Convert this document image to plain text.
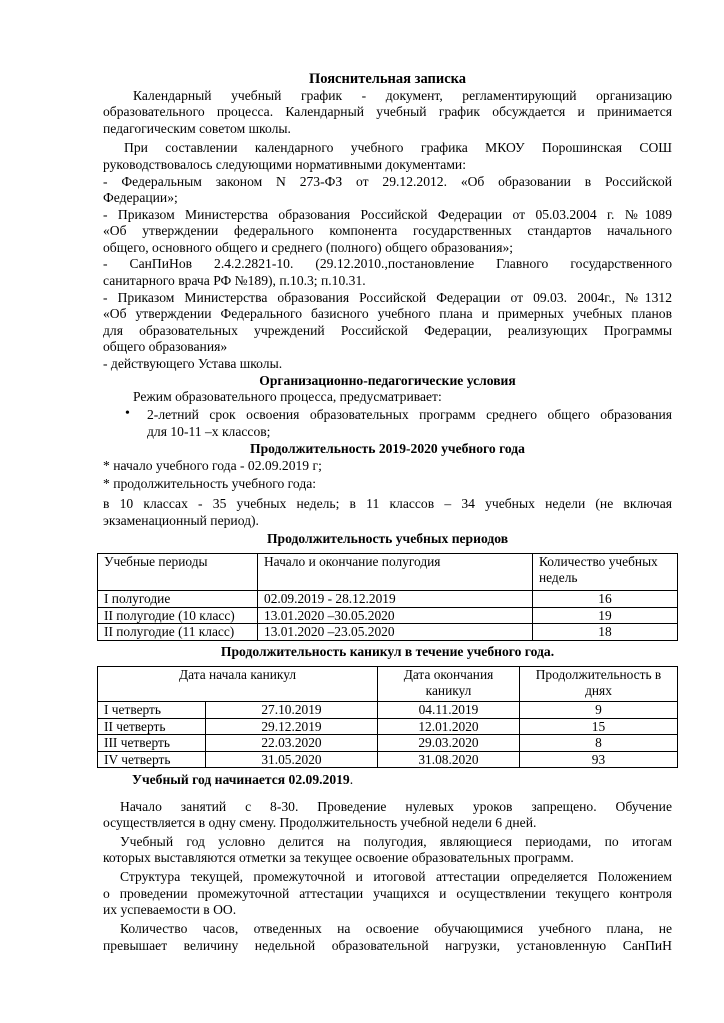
Пояснительная записка
Календарный учебный график - документ, регламентирующий организацию
образовательного процесса. Календарный учебный график обсуждается и принимается
педагогическим советом школы.
При составлении календарного учебного графика МКОУ Порошинская СОШ
руководствовалось следующими нормативными документами:
- Федеральным законом N 273-ФЗ от 29.12.2012. «Об образовании в Российской
Федерации»;
- Приказом Министерства образования Российской Федерации от 05.03.2004 г. №1089
«Об утверждении федерального компонента государственных стандартов начального
общего, основного общего и среднего (полного) общего образования»;
- СанПиНов 2.4.2.2821-10. (29.12.2010.,постановление Главного государственного
санитарного врача РФ №189), п.10.3; п.10.31.
- Приказом Министерства образования Российской Федерации от 09.03. 2004г., №1312
«Об утверждении Федерального базисного учебного плана и примерных учебных планов
для образовательных учреждений Российской Федерации, реализующих Программы
общего образования»
- действующего Устава школы.
Организационно-педагогические условия
Режим образовательного процесса, предусматривает:
• 2-летний срок освоения образовательных программ среднего общего образования
для 10-11 –х классов;
Продолжительность 2019-2020 учебного года
* начало учебного года - 02.09.2019 г;
* продолжительность учебного года:
в 10 классах - 35 учебных недель; в 11 классов – 34 учебных недели (не включая
экзаменационный период).
Продолжительность учебных периодов
Учебные периоды	Начало и окончание полугодия	Количество учебных недель
I полугодие	02.09.2019 - 28.12.2019	16
II полугодие (10 класс)	13.01.2020 –30.05.2020	19
II полугодие (11 класс)	13.01.2020 –23.05.2020	18
Продолжительность каникул в течение учебного года.
Дата начала каникул		Дата окончания каникул	Продолжительность в днях
I четверть	27.10.2019	04.11.2019	9
II четверть	29.12.2019	12.01.2020	15
III четверть	22.03.2020	29.03.2020	8
IV четверть	31.05.2020	31.08.2020	93
Учебный год начинается 02.09.2019.
Начало занятий с 8-30. Проведение нулевых уроков запрещено. Обучение
осуществляется в одну смену. Продолжительность учебной недели 6 дней.
Учебный год условно делится на полугодия, являющиеся периодами, по итогам
которых выставляются отметки за текущее освоение образовательных программ.
Структура текущей, промежуточной и итоговой аттестации определяется Положением
о проведении промежуточной аттестации учащихся и осуществлении текущего контроля
их успеваемости в ОО.
Количество часов, отведенных на освоение обучающимися учебного плана, не
превышает величину недельной образовательной нагрузки, установленную СанПиН
